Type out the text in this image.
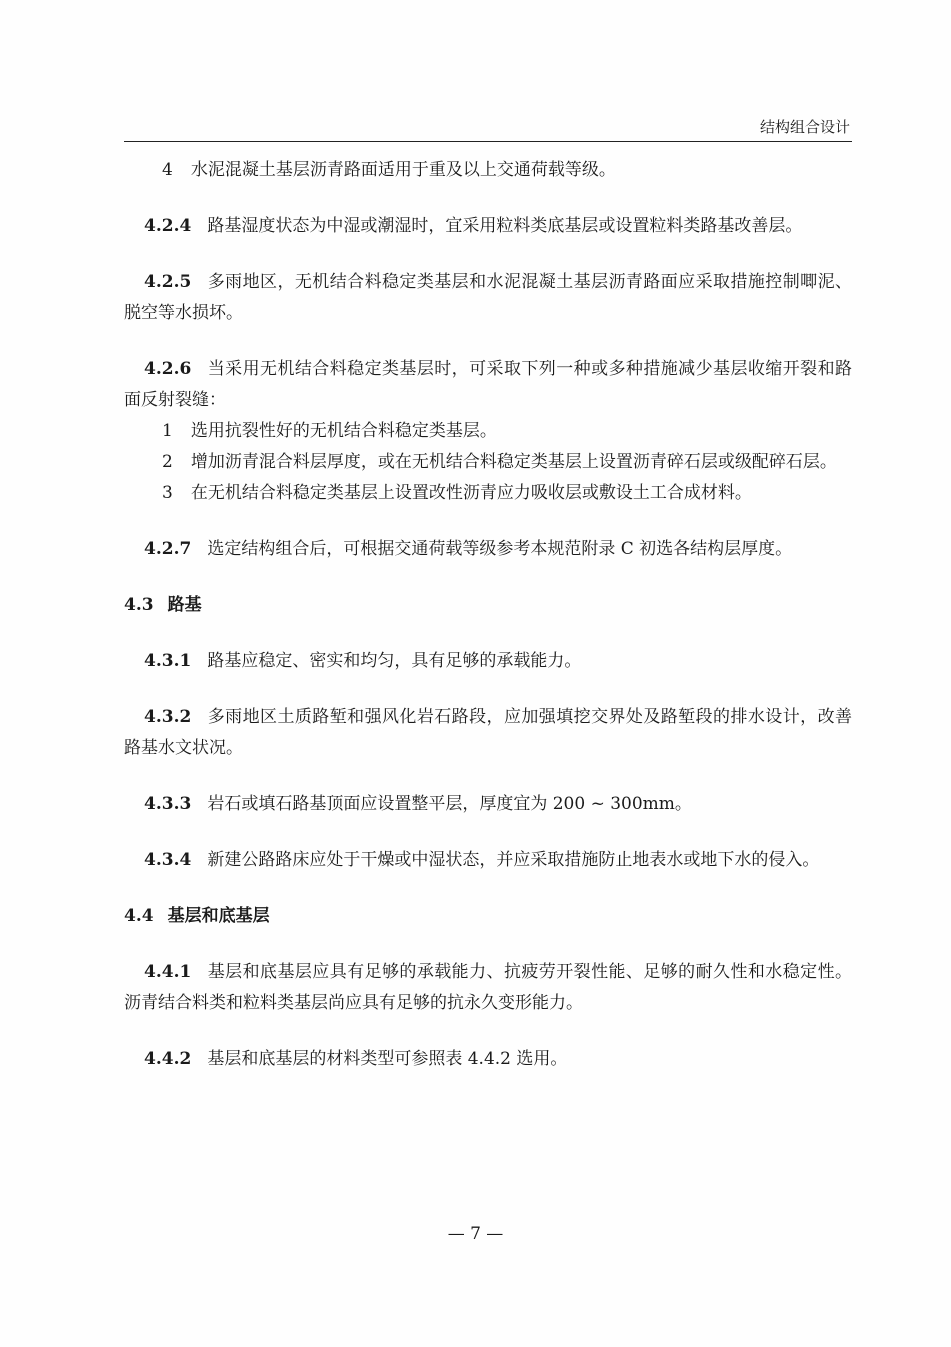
结构组合设计

4 水泥混凝土基层沥青路面适用于重及以上交通荷载等级。

4.2.4 路基湿度状态为中湿或潮湿时，宜采用粒料类底基层或设置粒料类路基改善层。

4.2.5 多雨地区，无机结合料稳定类基层和水泥混凝土基层沥青路面应采取措施控制唧泥、脱空等水损坏。

4.2.6 当采用无机结合料稳定类基层时，可采取下列一种或多种措施减少基层收缩开裂和路面反射裂缝：

1 选用抗裂性好的无机结合料稳定类基层。

2 增加沥青混合料层厚度，或在无机结合料稳定类基层上设置沥青碎石层或级配碎石层。

3 在无机结合料稳定类基层上设置改性沥青应力吸收层或敷设土工合成材料。

4.2.7 选定结构组合后，可根据交通荷载等级参考本规范附录 C 初选各结构层厚度。

4.3 路基

4.3.1 路基应稳定、密实和均匀，具有足够的承载能力。

4.3.2 多雨地区土质路堑和强风化岩石路段，应加强填挖交界处及路堑段的排水设计，改善路基水文状况。

4.3.3 岩石或填石路基顶面应设置整平层，厚度宜为 200 ~ 300mm。

4.3.4 新建公路路床应处于干燥或中湿状态，并应采取措施防止地表水或地下水的侵入。

4.4 基层和底基层

4.4.1 基层和底基层应具有足够的承载能力、抗疲劳开裂性能、足够的耐久性和水稳定性。沥青结合料类和粒料类基层尚应具有足够的抗永久变形能力。

4.4.2 基层和底基层的材料类型可参照表 4.4.2 选用。

— 7 —
